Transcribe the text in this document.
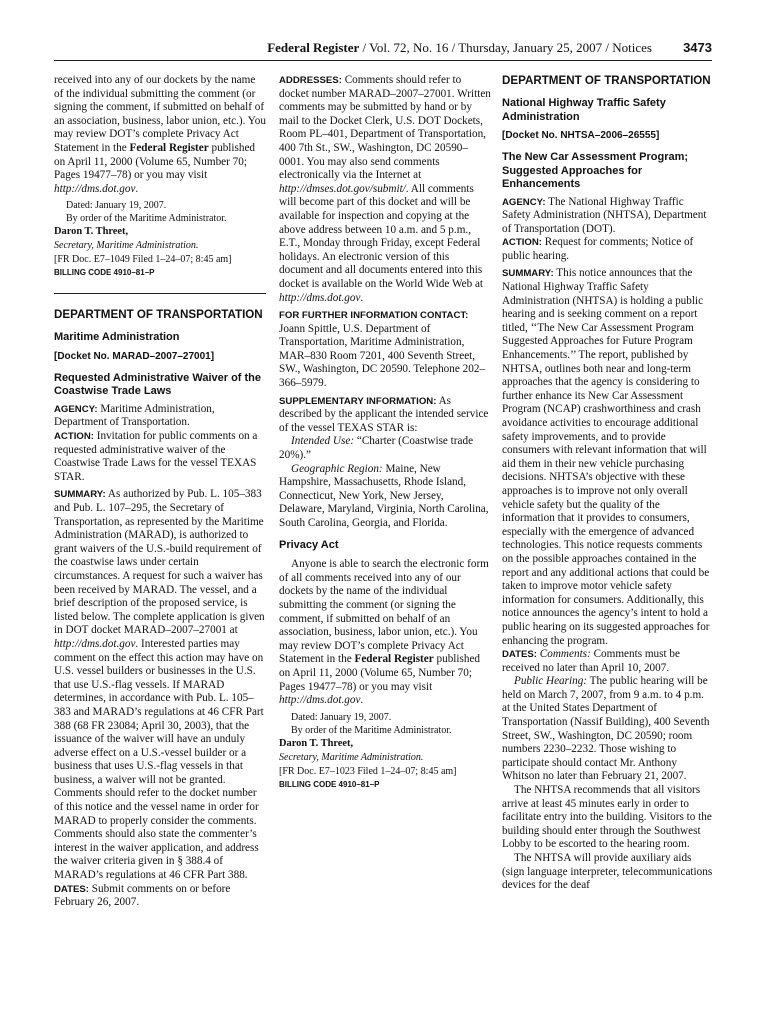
Federal Register / Vol. 72, No. 16 / Thursday, January 25, 2007 / Notices 3473

received into any of our dockets by the name of the individual submitting the comment (or signing the comment, if submitted on behalf of an association, business, labor union, etc.). You may review DOT’s complete Privacy Act Statement in the Federal Register published on April 11, 2000 (Volume 65, Number 70; Pages 19477–78) or you may visit http://dms.dot.gov.

Dated: January 19, 2007.

By order of the Maritime Administrator.

Daron T. Threet,

Secretary, Maritime Administration.

[FR Doc. E7–1049 Filed 1–24–07; 8:45 am]

BILLING CODE 4910–81–P

DEPARTMENT OF TRANSPORTATION

Maritime Administration

[Docket No. MARAD–2007–27001]

Requested Administrative Waiver of the Coastwise Trade Laws

AGENCY: Maritime Administration, Department of Transportation.

ACTION: Invitation for public comments on a requested administrative waiver of the Coastwise Trade Laws for the vessel TEXAS STAR.

SUMMARY: As authorized by Pub. L. 105–383 and Pub. L. 107–295, the Secretary of Transportation, as represented by the Maritime Administration (MARAD), is authorized to grant waivers of the U.S.-build requirement of the coastwise laws under certain circumstances. A request for such a waiver has been received by MARAD. The vessel, and a brief description of the proposed service, is listed below. The complete application is given in DOT docket MARAD–2007–27001 at http://dms.dot.gov. Interested parties may comment on the effect this action may have on U.S. vessel builders or businesses in the U.S. that use U.S.-flag vessels. If MARAD determines, in accordance with Pub. L. 105–383 and MARAD’s regulations at 46 CFR Part 388 (68 FR 23084; April 30, 2003), that the issuance of the waiver will have an unduly adverse effect on a U.S.-vessel builder or a business that uses U.S.-flag vessels in that business, a waiver will not be granted. Comments should refer to the docket number of this notice and the vessel name in order for MARAD to properly consider the comments. Comments should also state the commenter’s interest in the waiver application, and address the waiver criteria given in § 388.4 of MARAD’s regulations at 46 CFR Part 388.

DATES: Submit comments on or before February 26, 2007.

ADDRESSES: Comments should refer to docket number MARAD–2007–27001. Written comments may be submitted by hand or by mail to the Docket Clerk, U.S. DOT Dockets, Room PL–401, Department of Transportation, 400 7th St., SW., Washington, DC 20590–0001. You may also send comments electronically via the Internet at http://dmses.dot.gov/submit/. All comments will become part of this docket and will be available for inspection and copying at the above address between 10 a.m. and 5 p.m., E.T., Monday through Friday, except Federal holidays. An electronic version of this document and all documents entered into this docket is available on the World Wide Web at http://dms.dot.gov.

FOR FURTHER INFORMATION CONTACT: Joann Spittle, U.S. Department of Transportation, Maritime Administration, MAR–830 Room 7201, 400 Seventh Street, SW., Washington, DC 20590. Telephone 202–366–5979.

SUPPLEMENTARY INFORMATION: As described by the applicant the intended service of the vessel TEXAS STAR is:

Intended Use: “Charter (Coastwise trade 20%).”

Geographic Region: Maine, New Hampshire, Massachusetts, Rhode Island, Connecticut, New York, New Jersey, Delaware, Maryland, Virginia, North Carolina, South Carolina, Georgia, and Florida.

Privacy Act

Anyone is able to search the electronic form of all comments received into any of our dockets by the name of the individual submitting the comment (or signing the comment, if submitted on behalf of an association, business, labor union, etc.). You may review DOT’s complete Privacy Act Statement in the Federal Register published on April 11, 2000 (Volume 65, Number 70; Pages 19477–78) or you may visit http://dms.dot.gov.

Dated: January 19, 2007.

By order of the Maritime Administrator.

Daron T. Threet,

Secretary, Maritime Administration.

[FR Doc. E7–1023 Filed 1–24–07; 8:45 am]

BILLING CODE 4910–81–P

DEPARTMENT OF TRANSPORTATION

National Highway Traffic Safety Administration

[Docket No. NHTSA–2006–26555]

The New Car Assessment Program; Suggested Approaches for Enhancements

AGENCY: The National Highway Traffic Safety Administration (NHTSA), Department of Transportation (DOT).

ACTION: Request for comments; Notice of public hearing.

SUMMARY: This notice announces that the National Highway Traffic Safety Administration (NHTSA) is holding a public hearing and is seeking comment on a report titled, ‘‘The New Car Assessment Program Suggested Approaches for Future Program Enhancements.’’ The report, published by NHTSA, outlines both near and long-term approaches that the agency is considering to further enhance its New Car Assessment Program (NCAP) crashworthiness and crash avoidance activities to encourage additional safety improvements, and to provide consumers with relevant information that will aid them in their new vehicle purchasing decisions. NHTSA’s objective with these approaches is to improve not only overall vehicle safety but the quality of the information that it provides to consumers, especially with the emergence of advanced technologies. This notice requests comments on the possible approaches contained in the report and any additional actions that could be taken to improve motor vehicle safety information for consumers. Additionally, this notice announces the agency’s intent to hold a public hearing on its suggested approaches for enhancing the program.

DATES: Comments: Comments must be received no later than April 10, 2007.

Public Hearing: The public hearing will be held on March 7, 2007, from 9 a.m. to 4 p.m. at the United States Department of Transportation (Nassif Building), 400 Seventh Street, SW., Washington, DC 20590; room numbers 2230–2232. Those wishing to participate should contact Mr. Anthony Whitson no later than February 21, 2007.

The NHTSA recommends that all visitors arrive at least 45 minutes early in order to facilitate entry into the building. Visitors to the building should enter through the Southwest Lobby to be escorted to the hearing room.

The NHTSA will provide auxiliary aids (sign language interpreter, telecommunications devices for the deaf
